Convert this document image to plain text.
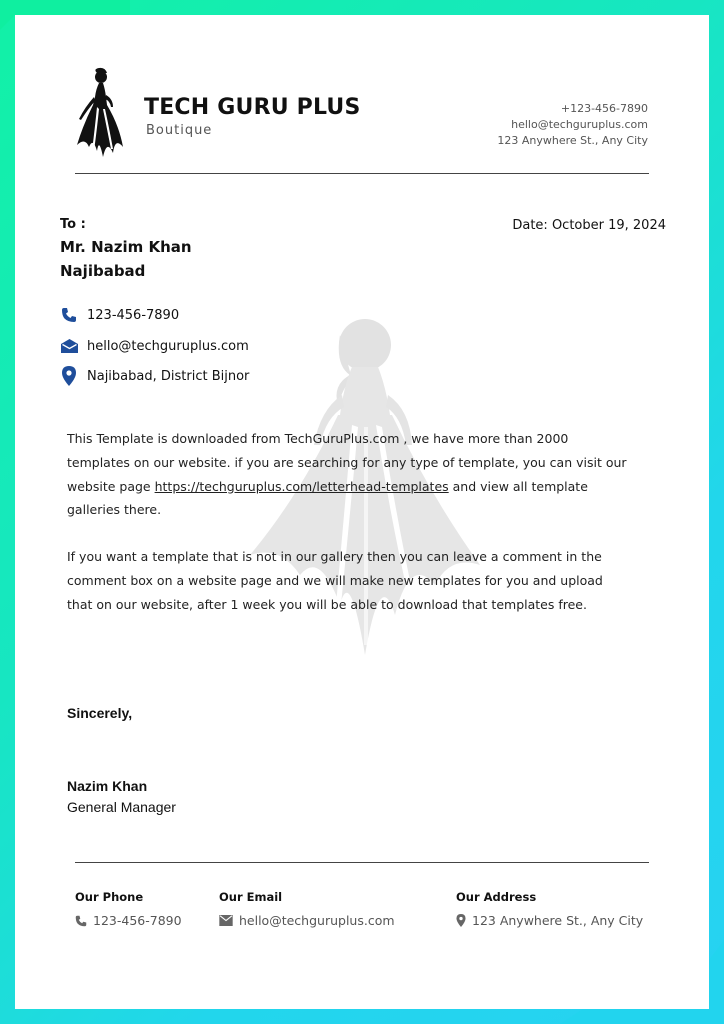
TECH GURU PLUS
Boutique
+123-456-7890
hello@techguruplus.com
123 Anywhere St., Any City
To :
Mr. Nazim Khan
Najibabad
Date: October 19, 2024
123-456-7890
hello@techguruplus.com
Najibabad, District Bijnor
This Template is downloaded from TechGuruPlus.com , we have more than 2000 templates on our website. if you are searching for any type of template, you can visit our website page https://techguruplus.com/letterhead-templates and view all template galleries there.
If you want a template that is not in our gallery then you can leave a comment in the comment box on a website page and we will make new templates for you and upload that on our website, after 1 week you will be able to download that templates free.
Sincerely,
Nazim Khan
General Manager
Our Phone
123-456-7890
Our Email
hello@techguruplus.com
Our Address
123 Anywhere St., Any City
